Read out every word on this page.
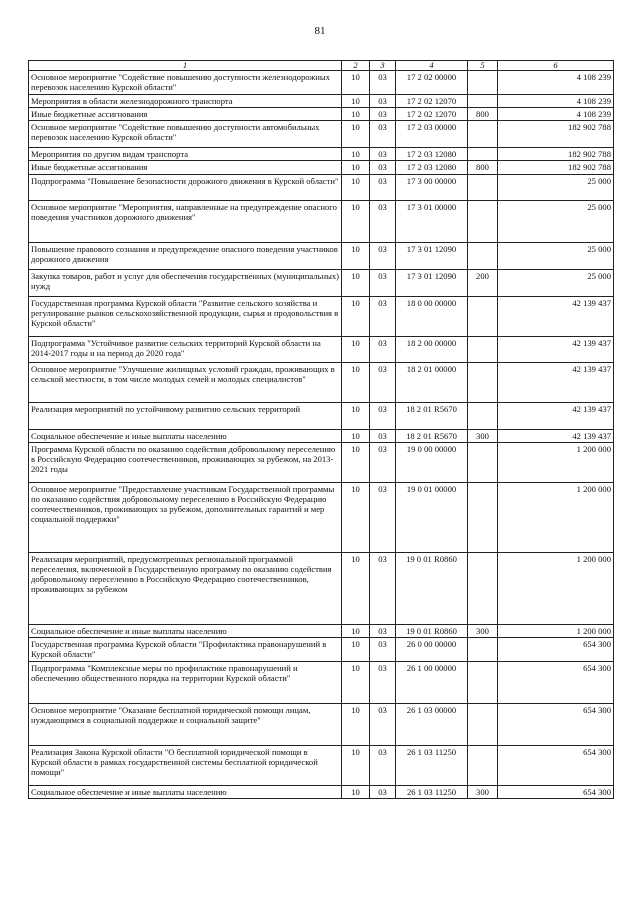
81
1	2	3	4	5	6
Основное мероприятие "Содействие повышению доступности железнодорожных перевозок населению Курской области"	10	03	17 2 02 00000		4 108 239
Мероприятия в области железнодорожного транспорта	10	03	17 2 02 12070		4 108 239
Иные бюджетные ассигнования	10	03	17 2 02 12070	800	4 108 239
Основное мероприятие "Содействие повышению доступности автомобильных перевозок населению Курской области"	10	03	17 2 03 00000		182 902 788
Мероприятия по другим видам транспорта	10	03	17 2 03 12080		182 902 788
Иные бюджетные ассигнования	10	03	17 2 03 12080	800	182 902 788
Подпрограмма "Повышение безопасности дорожного движения в Курской области"	10	03	17 3 00 00000		25 000
Основное мероприятие "Мероприятия, направленные на предупреждение опасного поведения участников дорожного движения"	10	03	17 3 01 00000		25 000
Повышение правового сознания и предупреждение опасного поведения участников дорожного движения	10	03	17 3 01 12090		25 000
Закупка товаров, работ и услуг для обеспечения государственных (муниципальных) нужд	10	03	17 3 01 12090	200	25 000
Государственная программа Курской области "Развитие сельского хозяйства и регулирование рынков сельскохозяйственной продукции, сырья и продовольствия в Курской области"	10	03	18 0 00 00000		42 139 437
Подпрограмма "Устойчивое развитие сельских территорий Курской области на 2014-2017 годы и на период до 2020 года"	10	03	18 2 00 00000		42 139 437
Основное мероприятие "Улучшение жилищных условий граждан, проживающих в сельской местности, в том числе молодых семей и молодых специалистов"	10	03	18 2 01 00000		42 139 437
Реализация мероприятий по устойчивому развитию сельских территорий	10	03	18 2 01 R5670		42 139 437
Социальное обеспечение и иные выплаты населению	10	03	18 2 01 R5670	300	42 139 437
Программа Курской области по оказанию содействия добровольному переселению в Российскую Федерацию соотечественников, проживающих за рубежом, на 2013-2021 годы	10	03	19 0 00 00000		1 200 000
Основное мероприятие "Предоставление участникам Государственной программы по оказанию содействия добровольному переселению в Российскую Федерацию соотечественников, проживающих за рубежом, дополнительных гарантий и мер социальной поддержки"	10	03	19 0 01 00000		1 200 000
Реализация мероприятий, предусмотренных региональной программой переселения, включенной в Государственную программу по оказанию содействия добровольному переселению в Российскую Федерацию соотечественников, проживающих за рубежом	10	03	19 0 01 R0860		1 200 000
Социальное обеспечение и иные выплаты населению	10	03	19 0 01 R0860	300	1 200 000
Государственная программа Курской области "Профилактика правонарушений в Курской области"	10	03	26 0 00 00000		654 300
Подпрограмма "Комплексные меры по профилактике правонарушений и обеспечению общественного порядка на территории Курской области"	10	03	26 1 00 00000		654 300
Основное мероприятие "Оказание бесплатной юридической помощи лицам, нуждающимся в социальной поддержке и социальной защите"	10	03	26 1 03 00000		654 300
Реализация Закона Курской области "О бесплатной юридической помощи в Курской области в рамках государственной системы бесплатной юридической помощи"	10	03	26 1 03 11250		654 300
Социальное обеспечение и иные выплаты населению	10	03	26 1 03 11250	300	654 300
